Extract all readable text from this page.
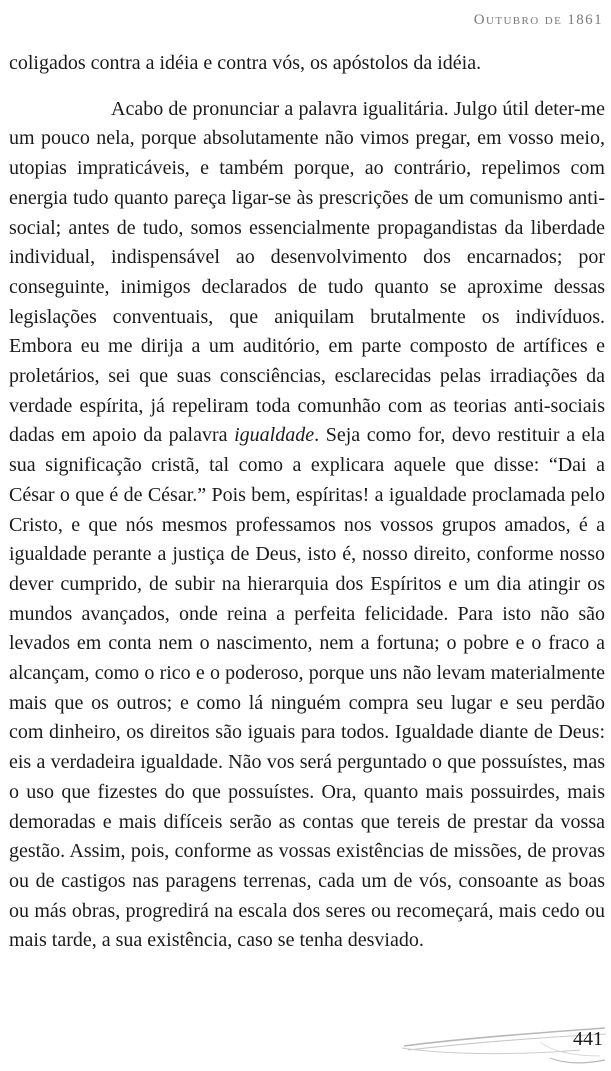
Outubro de 1861

coligados contra a idéia e contra vós, os apóstolos da idéia.

Acabo de pronunciar a palavra igualitária. Julgo útil deter-me um pouco nela, porque absolutamente não vimos pregar, em vosso meio, utopias impraticáveis, e também porque, ao contrário, repelimos com energia tudo quanto pareça ligar-se às prescrições de um comunismo anti-social; antes de tudo, somos essencialmente propagandistas da liberdade individual, indispensável ao desenvolvimento dos encarnados; por conseguinte, inimigos declarados de tudo quanto se aproxime dessas legislações conventuais, que aniquilam brutalmente os indivíduos. Embora eu me dirija a um auditório, em parte composto de artífices e proletários, sei que suas consciências, esclarecidas pelas irradiações da verdade espírita, já repeliram toda comunhão com as teorias anti-sociais dadas em apoio da palavra igualdade. Seja como for, devo restituir a ela sua significação cristã, tal como a explicara aquele que disse: “Dai a César o que é de César.” Pois bem, espíritas! a igualdade proclamada pelo Cristo, e que nós mesmos professamos nos vossos grupos amados, é a igualdade perante a justiça de Deus, isto é, nosso direito, conforme nosso dever cumprido, de subir na hierarquia dos Espíritos e um dia atingir os mundos avançados, onde reina a perfeita felicidade. Para isto não são levados em conta nem o nascimento, nem a fortuna; o pobre e o fraco a alcançam, como o rico e o poderoso, porque uns não levam materialmente mais que os outros; e como lá ninguém compra seu lugar e seu perdão com dinheiro, os direitos são iguais para todos. Igualdade diante de Deus: eis a verdadeira igualdade. Não vos será perguntado o que possuístes, mas o uso que fizestes do que possuístes. Ora, quanto mais possuirdes, mais demoradas e mais difíceis serão as contas que tereis de prestar da vossa gestão. Assim, pois, conforme as vossas existências de missões, de provas ou de castigos nas paragens terrenas, cada um de vós, consoante as boas ou más obras, progredirá na escala dos seres ou recomeçará, mais cedo ou mais tarde, a sua existência, caso se tenha desviado.

441
